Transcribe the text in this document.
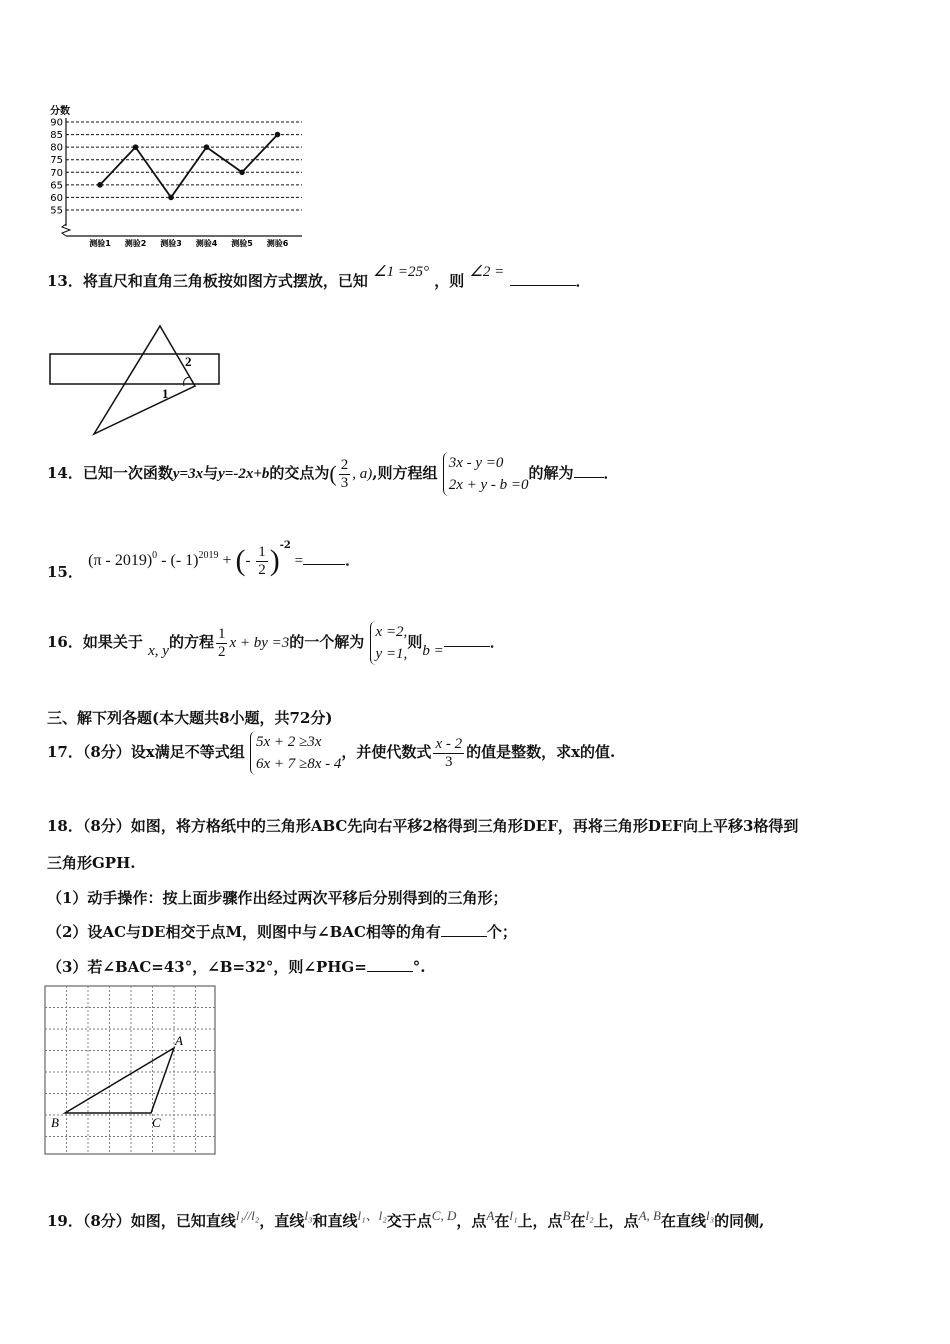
分数
90
85
80
75
70
65
60
55
测验1 测验2 测验3 测验4 测验5 测验6
13．将直尺和直角三角板按如图方式摆放，已知 ∠1 =25° ，则 ∠2 =	．
1
2
14．已知一次函数y=3x与y=-2x+b的交点为( $\frac{2}{3}$ , a),则方程组
3x - y =0
2x + y - b =0
的解为 ．
15． (π - 2019)$^0$ - (- 1)$^{2019}$ + (- $\frac{1}{2} )^{-2}$ =	．
16．如果关于 x, y的方程 $\frac{1}{2}$ x + by =3的一个解为
x =2,
y =1,
则b =	．
三、解下列各题(本大题共8小题，共72分)
17．（8分）设x满足不等式组
5x + 2 ≥3x
6x + 7 ≥8x - 4
，并使代数式 $\frac{x - 2}{3}$ 的值是整数，求x的值.
18．（8分）如图，将方格纸中的三角形ABC先向右平移2格得到三角形DEF，再将三角形DEF向上平移3格得到
三角形GPH.
（1）动手操作：按上面步骤作出经过两次平移后分别得到的三角形；
（2）设AC与DE相交于点M，则图中与∠BAC相等的角有	个；
（3）若∠BAC=43°，∠B=32°，则∠PHG=	°.
A
B	C
19．（8分）如图，已知直线l₁//l₂，直线l₃和直线l₁、l₂交于点C, D，点A在l₁上，点B在l₂上，点A, B在直线l₃的同侧,
